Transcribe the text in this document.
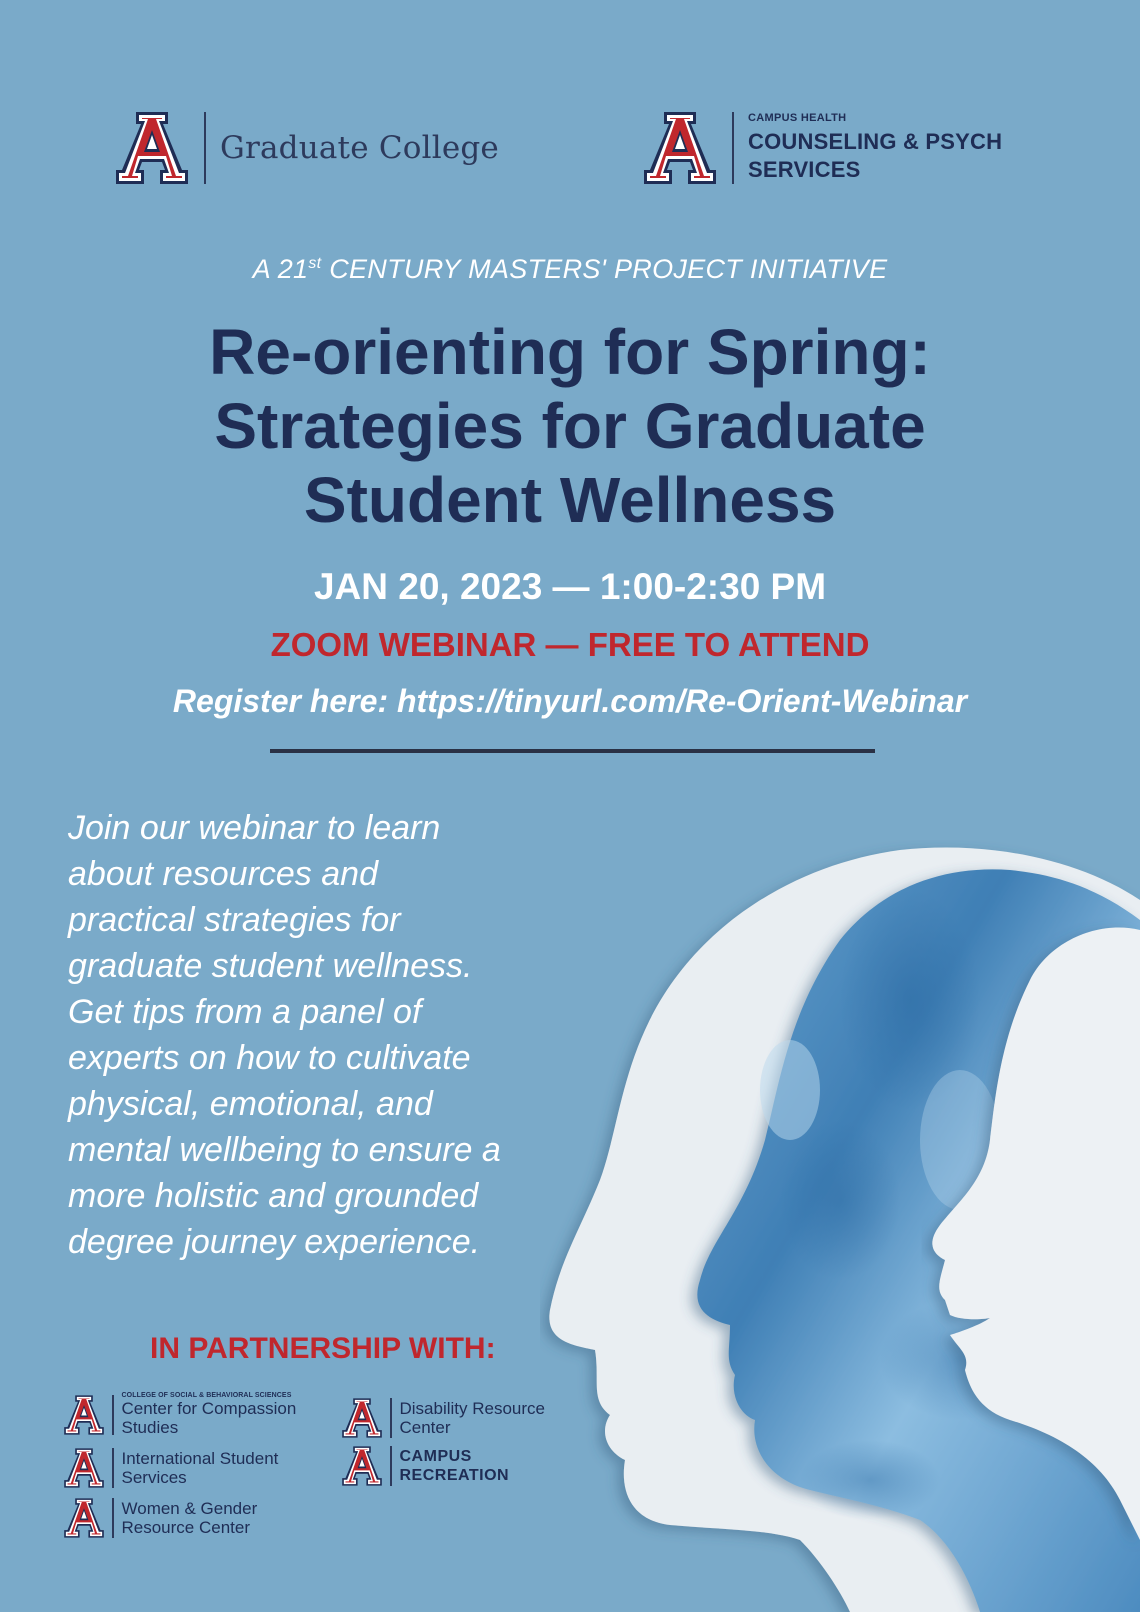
Graduate College
CAMPUS HEALTH
COUNSELING & PSYCH
SERVICES
A 21st CENTURY MASTERS' PROJECT INITIATIVE
Re-orienting for Spring:
Strategies for Graduate
Student Wellness
JAN 20, 2023 — 1:00-2:30 PM
ZOOM WEBINAR — FREE TO ATTEND
Register here: https://tinyurl.com/Re-Orient-Webinar
Join our webinar to learn
about resources and
practical strategies for
graduate student wellness.
Get tips from a panel of
experts on how to cultivate
physical, emotional, and
mental wellbeing to ensure a
more holistic and grounded
degree journey experience.
IN PARTNERSHIP WITH:
COLLEGE OF SOCIAL & BEHAVIORAL SCIENCES
Center for Compassion
Studies
International Student
Services
Women & Gender
Resource Center
Disability Resource
Center
CAMPUS
RECREATION
